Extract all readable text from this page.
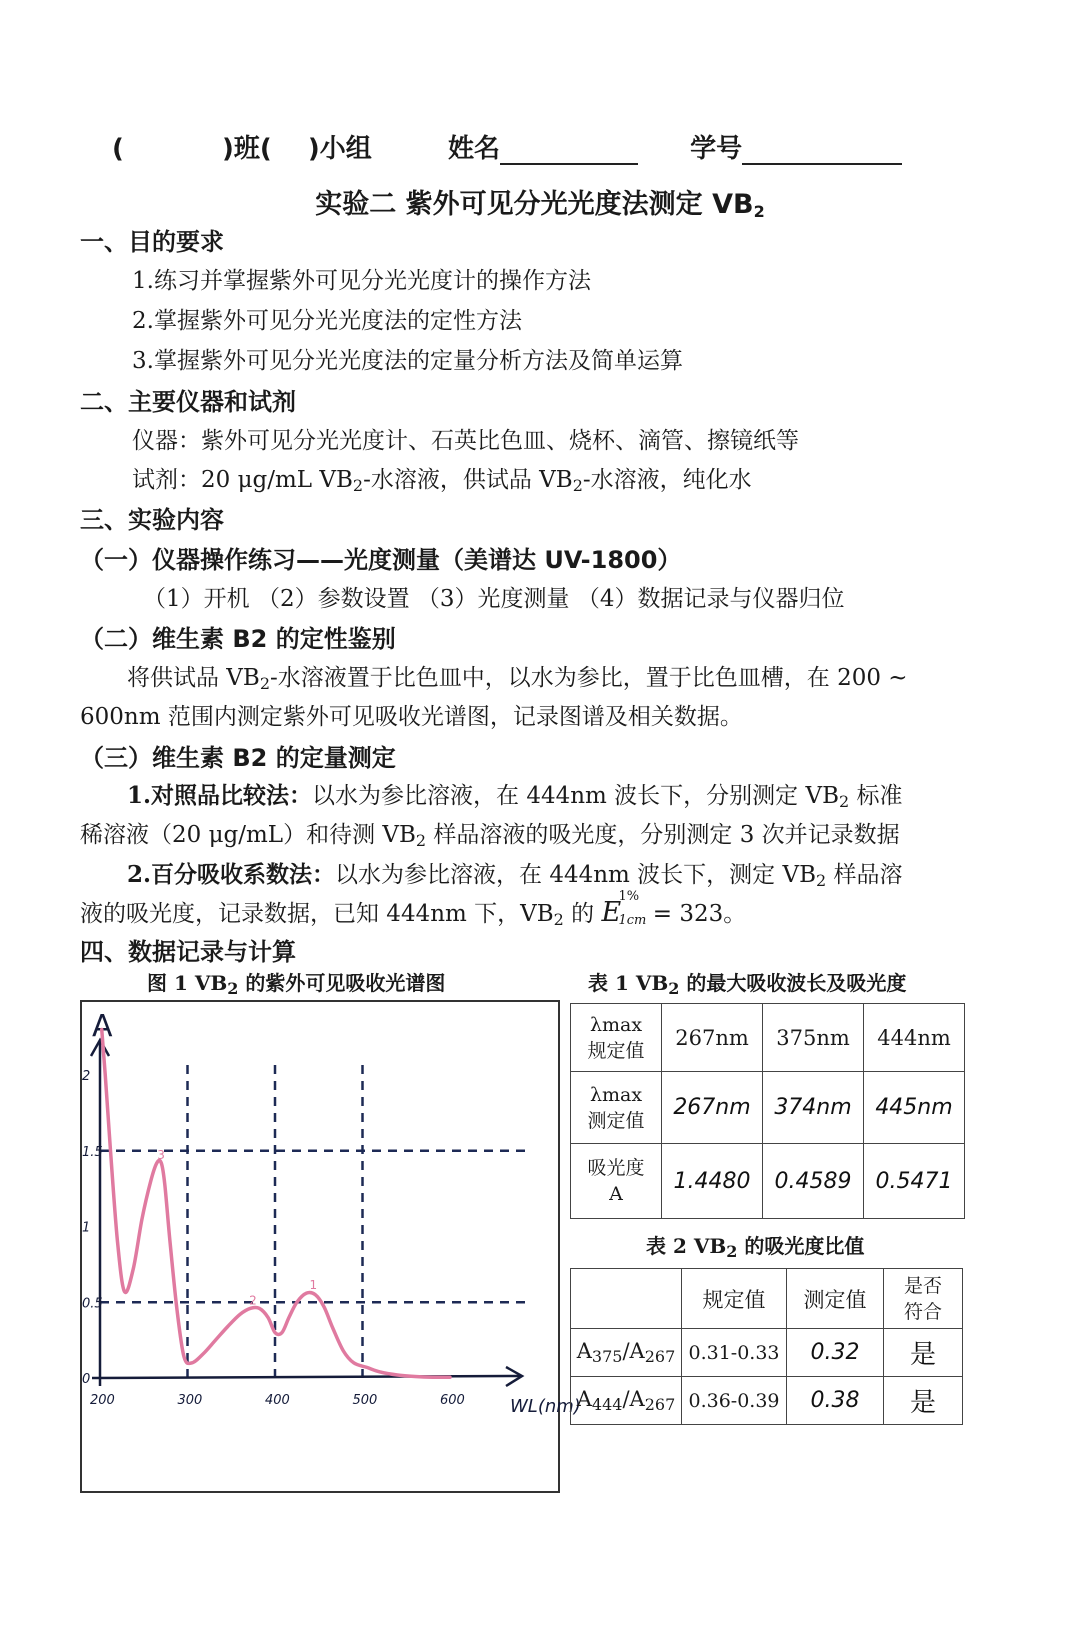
(	)班( )小组	姓名	学号
实验二 紫外可见分光光度法测定 $VB_2$
一、目的要求
1.练习并掌握紫外可见分光光度计的操作方法
2.掌握紫外可见分光光度法的定性方法
3.掌握紫外可见分光光度法的定量分析方法及简单运算
二、主要仪器和试剂
仪器：紫外可见分光光度计、石英比色皿、烧杯、滴管、擦镜纸等
试剂：20 μg/mL $VB_2-$水溶液，供试品 $VB_2-$水溶液，纯化水
三、实验内容
（一）仪器操作练习——光度测量（美谱达 UV-1800）
（1）开机 （2）参数设置 （3）光度测量 （4）数据记录与仪器归位
（二）维生素 B2 的定性鉴别
将供试品 $VB_2-$水溶液置于比色皿中，以水为参比，置于比色皿槽，在 200 ~
600nm 范围内测定紫外可见吸收光谱图，记录图谱及相关数据。
（三）维生素 B2 的定量测定
1.对照品比较法：以水为参比溶液，在 444nm 波长下，分别测定 $VB_2$ 标准
稀溶液（20 μg/mL）和待测 $VB_2$ 样品溶液的吸光度，分别测定 3 次并记录数据
2.百分吸收系数法：以水为参比溶液，在 444nm 波长下，测定 $VB_2$ 样品溶
液的吸光度，记录数据，已知 444nm 下，$VB_2$ 的 E
1%
1cm = 323。
四、数据记录与计算
图 1 $VB_2$ 的紫外可见吸收光谱图	表 1 $VB_2$ 的最大吸收波长及吸光度
A
WL(nm)
200	300	400	500	600
0
0.5
1
1.5
2
3
2
1
λmax
规定值	267nm	375nm	444nm

λmax
测定值	267nm	374nm	445nm

吸光度
A	1.4480	0.4589	0.5471
表 2 $VB_2$ 的吸光度比值
	规定值	测定值	是否
符合
$A_{375}/A_{267}$	0.31-0.33	0.32	是
$A_{444}/A_{267}$	0.36-0.39	0.38	是
